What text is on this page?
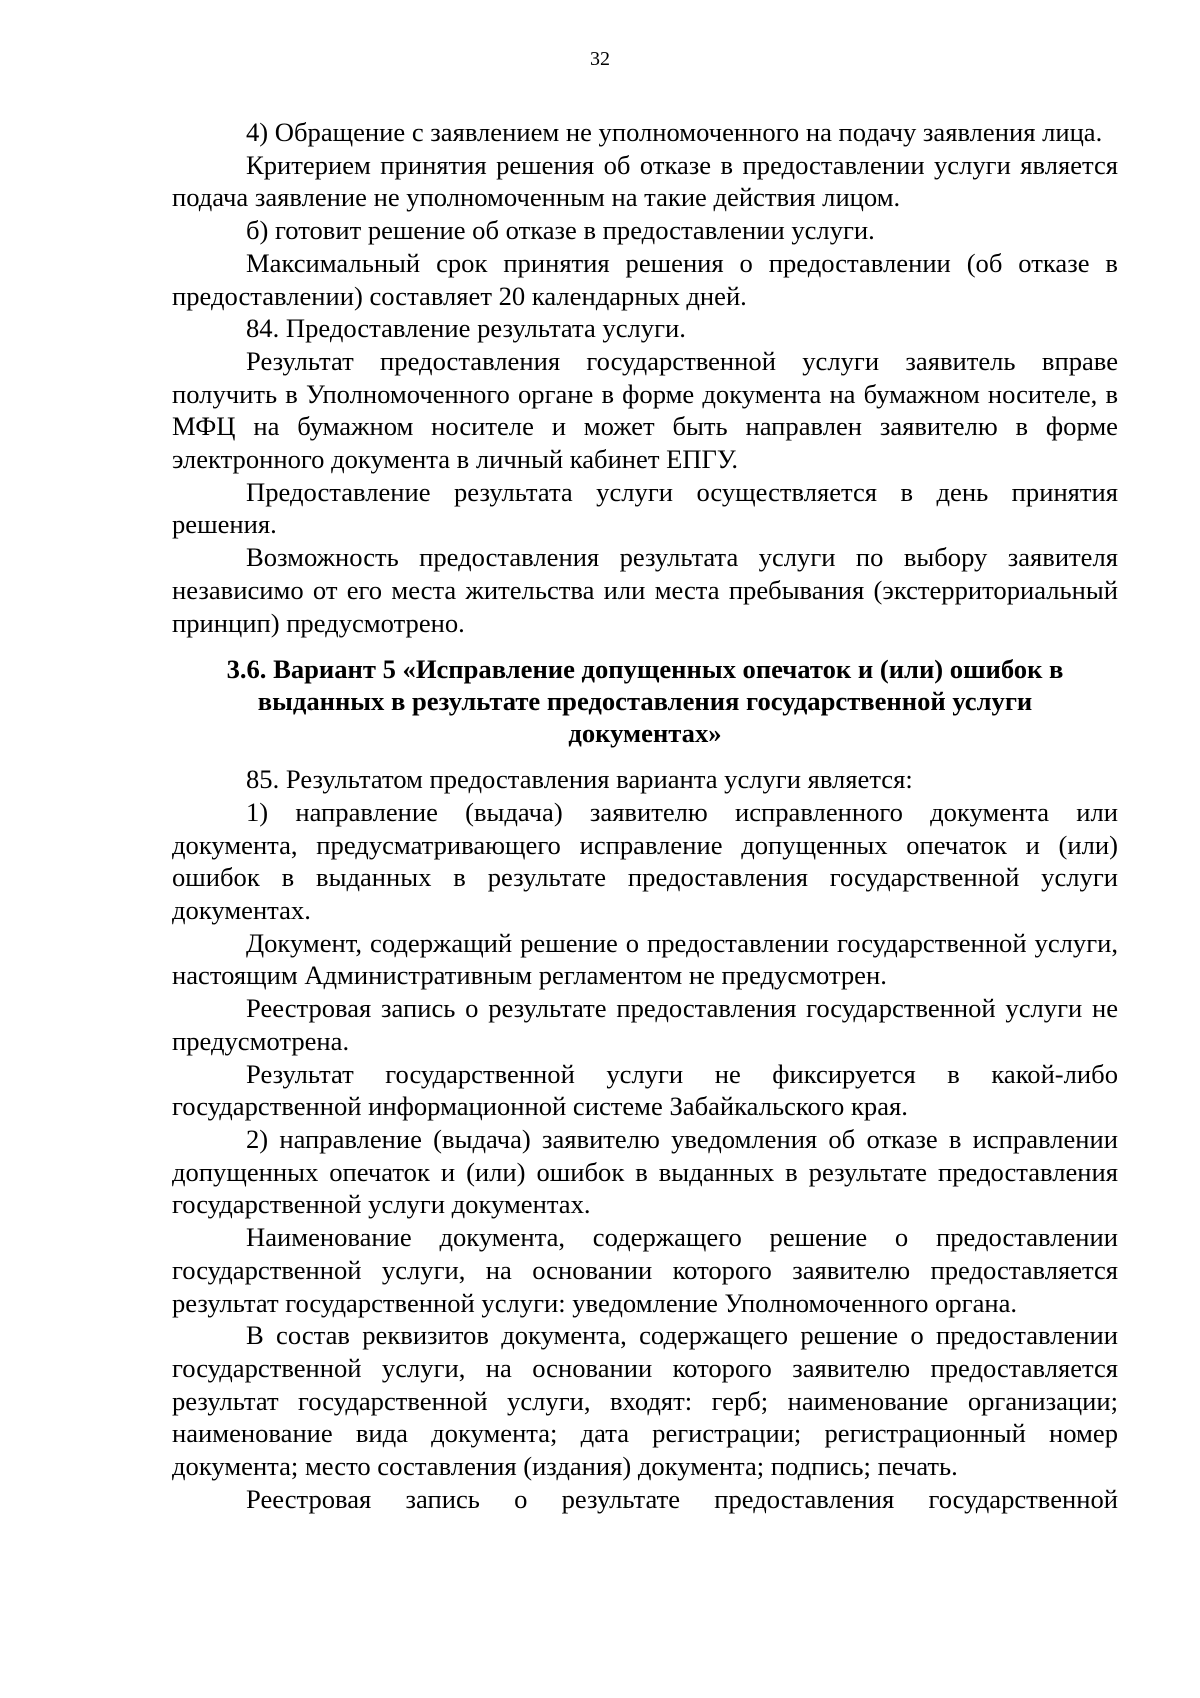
32

4) Обращение с заявлением не уполномоченного на подачу заявления лица.

Критерием принятия решения об отказе в предоставлении услуги является подача заявление не уполномоченным на такие действия лицом.

б) готовит решение об отказе в предоставлении услуги.

Максимальный срок принятия решения о предоставлении (об отказе в предоставлении) составляет 20 календарных дней.

84. Предоставление результата услуги.

Результат предоставления государственной услуги заявитель вправе получить в Уполномоченного органе в форме документа на бумажном носителе, в МФЦ на бумажном носителе и может быть направлен заявителю в форме электронного документа в личный кабинет ЕПГУ.

Предоставление результата услуги осуществляется в день принятия решения.

Возможность предоставления результата услуги по выбору заявителя независимо от его места жительства или места пребывания (экстерриториальный принцип) предусмотрено.

3.6. Вариант 5 «Исправление допущенных опечаток и (или) ошибок в выданных в результате предоставления государственной услуги документах»

85. Результатом предоставления варианта услуги является:

1) направление (выдача) заявителю исправленного документа или документа, предусматривающего исправление допущенных опечаток и (или) ошибок в выданных в результате предоставления государственной услуги документах.

Документ, содержащий решение о предоставлении государственной услуги, настоящим Административным регламентом не предусмотрен.

Реестровая запись о результате предоставления государственной услуги не предусмотрена.

Результат государственной услуги не фиксируется в какой-либо государственной информационной системе Забайкальского края.

2) направление (выдача) заявителю уведомления об отказе в исправлении допущенных опечаток и (или) ошибок в выданных в результате предоставления государственной услуги документах.

Наименование документа, содержащего решение о предоставлении государственной услуги, на основании которого заявителю предоставляется результат государственной услуги: уведомление Уполномоченного органа.

В состав реквизитов документа, содержащего решение о предоставлении государственной услуги, на основании которого заявителю предоставляется результат государственной услуги, входят: герб; наименование организации; наименование вида документа; дата регистрации; регистрационный номер документа; место составления (издания) документа; подпись; печать.

Реестровая запись о результате предоставления государственной
